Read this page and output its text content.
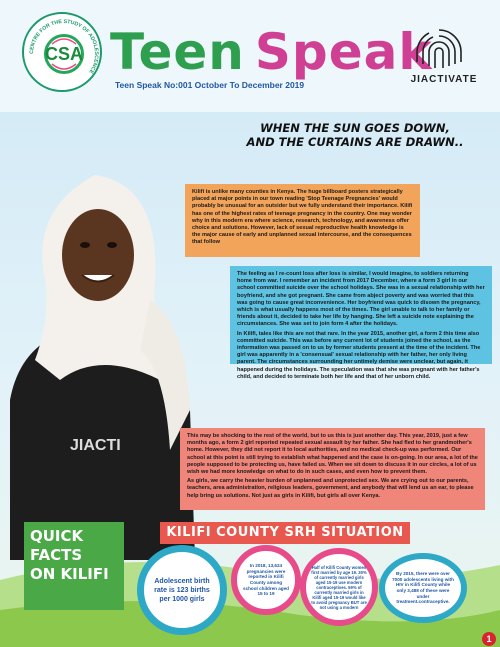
CENTRE FOR THE STUDY OF ADOLESCENCE
CSA Teen Speak
Teen Speak No:001 October To December 2019	JIACTIVATE
WHEN THE SUN GOES DOWN,
AND THE CURTAINS ARE DRAWN..
JIACTI

Kilifi is unlike many counties in Kenya. The huge billboard posters strategically placed at major points in our town reading 'Stop Teenage Pregnancies' would probably be unusual for an outsider but we fully understand their importance. Kilifi has one of the highest rates of teenage pregnancy in the country. One may wonder why in this modern era where science, research, technology, and awareness offer choice and solutions. However, lack of sexual reproductive health knowledge is the major cause of early and unplanned sexual intercourse, and the consequences that follow

The feeling as I re-count loss after loss is similar, I would imagine, to soldiers returning home from war. I remember an incident from 2017 December, where a form 3 girl in our school committed suicide over the school holidays. She was in a sexual relationship with her boyfriend, and she got pregnant. She came from abject poverty and was worried that this was going to cause great inconvenience. Her boyfriend was quick to disown the pregnancy, which is what usually happens most of the times. The girl unable to talk to her family or friends about it, decided to take her life by hanging. She left a suicide note explaining the circumstances. She was set to join form 4 after the holidays.

In Kilifi, tales like this are not that rare. In the year 2015, another girl, a form 2 this time also committed suicide. This was before any current lot of students joined the school, as the information was passed on to us by former students present at the time of the incident. The girl was apparently in a 'consensual' sexual relationship with her father, her only living parent. The circumstances surrounding her untimely demise were unclear, but again, it happened during the holidays. The speculation was that she was pregnant with her father's child, and decided to terminate both her life and that of her unborn child.

This may be shocking to the rest of the world, but to us this is just another day. This year, 2019, just a few months ago, a form 2 girl reported repeated sexual assault by her father. She had fled to her grandmother's home. However, they did not report it to local authorities, and no medical check-up was performed. Our school at this point is still trying to establish what happened and the case is on-going. In our area, a lot of the people supposed to be protecting us, have failed us. When we sit down to discuss it in our circles, a lot of us wish we had more knowledge on what to do in such cases, and even how to prevent them.

As girls, we carry the heavier burden of unplanned and unprotected sex. We are crying out to our parents, teachers, area administration, religious leaders, government, and anybody that will lend us an ear, to please help bring us solutions. Not just as girls in Kilifi, but girls all over Kenya.

KILIFI COUNTY SRH SITUATION
QUICK
FACTS
ON KILIFI	Adolescent birth rate is 123 births per 1000 girls
In 2018, 13,624 pregnancies were reported in Kilifi County among school children aged 15 to 19
Half of Kilifi County women first married by age 19. 30% of currently married girls aged 15-19 use modern contraceptives. 59% of currently married girls in Kilifi aged 15-19 would like to avoid pregnancy BUT are not using a modern
By 2015, there were over 7000 adolescents living with HIV in Kilifi County while only 3,488 of these were under treatment.contraceptive.
1
